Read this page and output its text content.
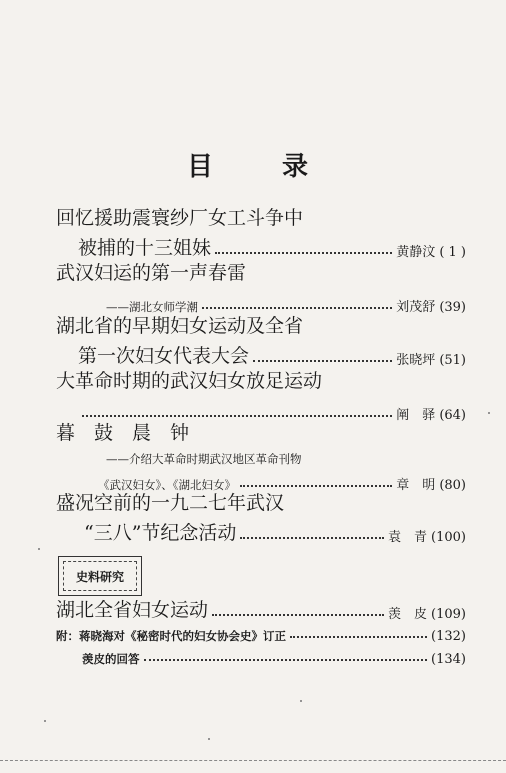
目	录
回忆援助震寰纱厂女工斗争中
被捕的十三姐妹	黄静汶 ( 1 )
武汉妇运的第一声春雷
——湖北女师学潮	刘茂舒 (39)
湖北省的早期妇女运动及全省
第一次妇女代表大会	张晓坪 (51)
大革命时期的武汉妇女放足运动
阐　驿 (64)
暮　鼓　晨　钟
——介绍大革命时期武汉地区革命刊物
《武汉妇女》、《湖北妇女》	章　明 (80)
盛况空前的一九二七年武汉
“三八”节纪念活动	袁　青 (100)
史料研究
湖北全省妇女运动	羡　皮 (109)
附：蒋晓海对《秘密时代的妇女协会史》订正	(132)
羡皮的回答	(134)
